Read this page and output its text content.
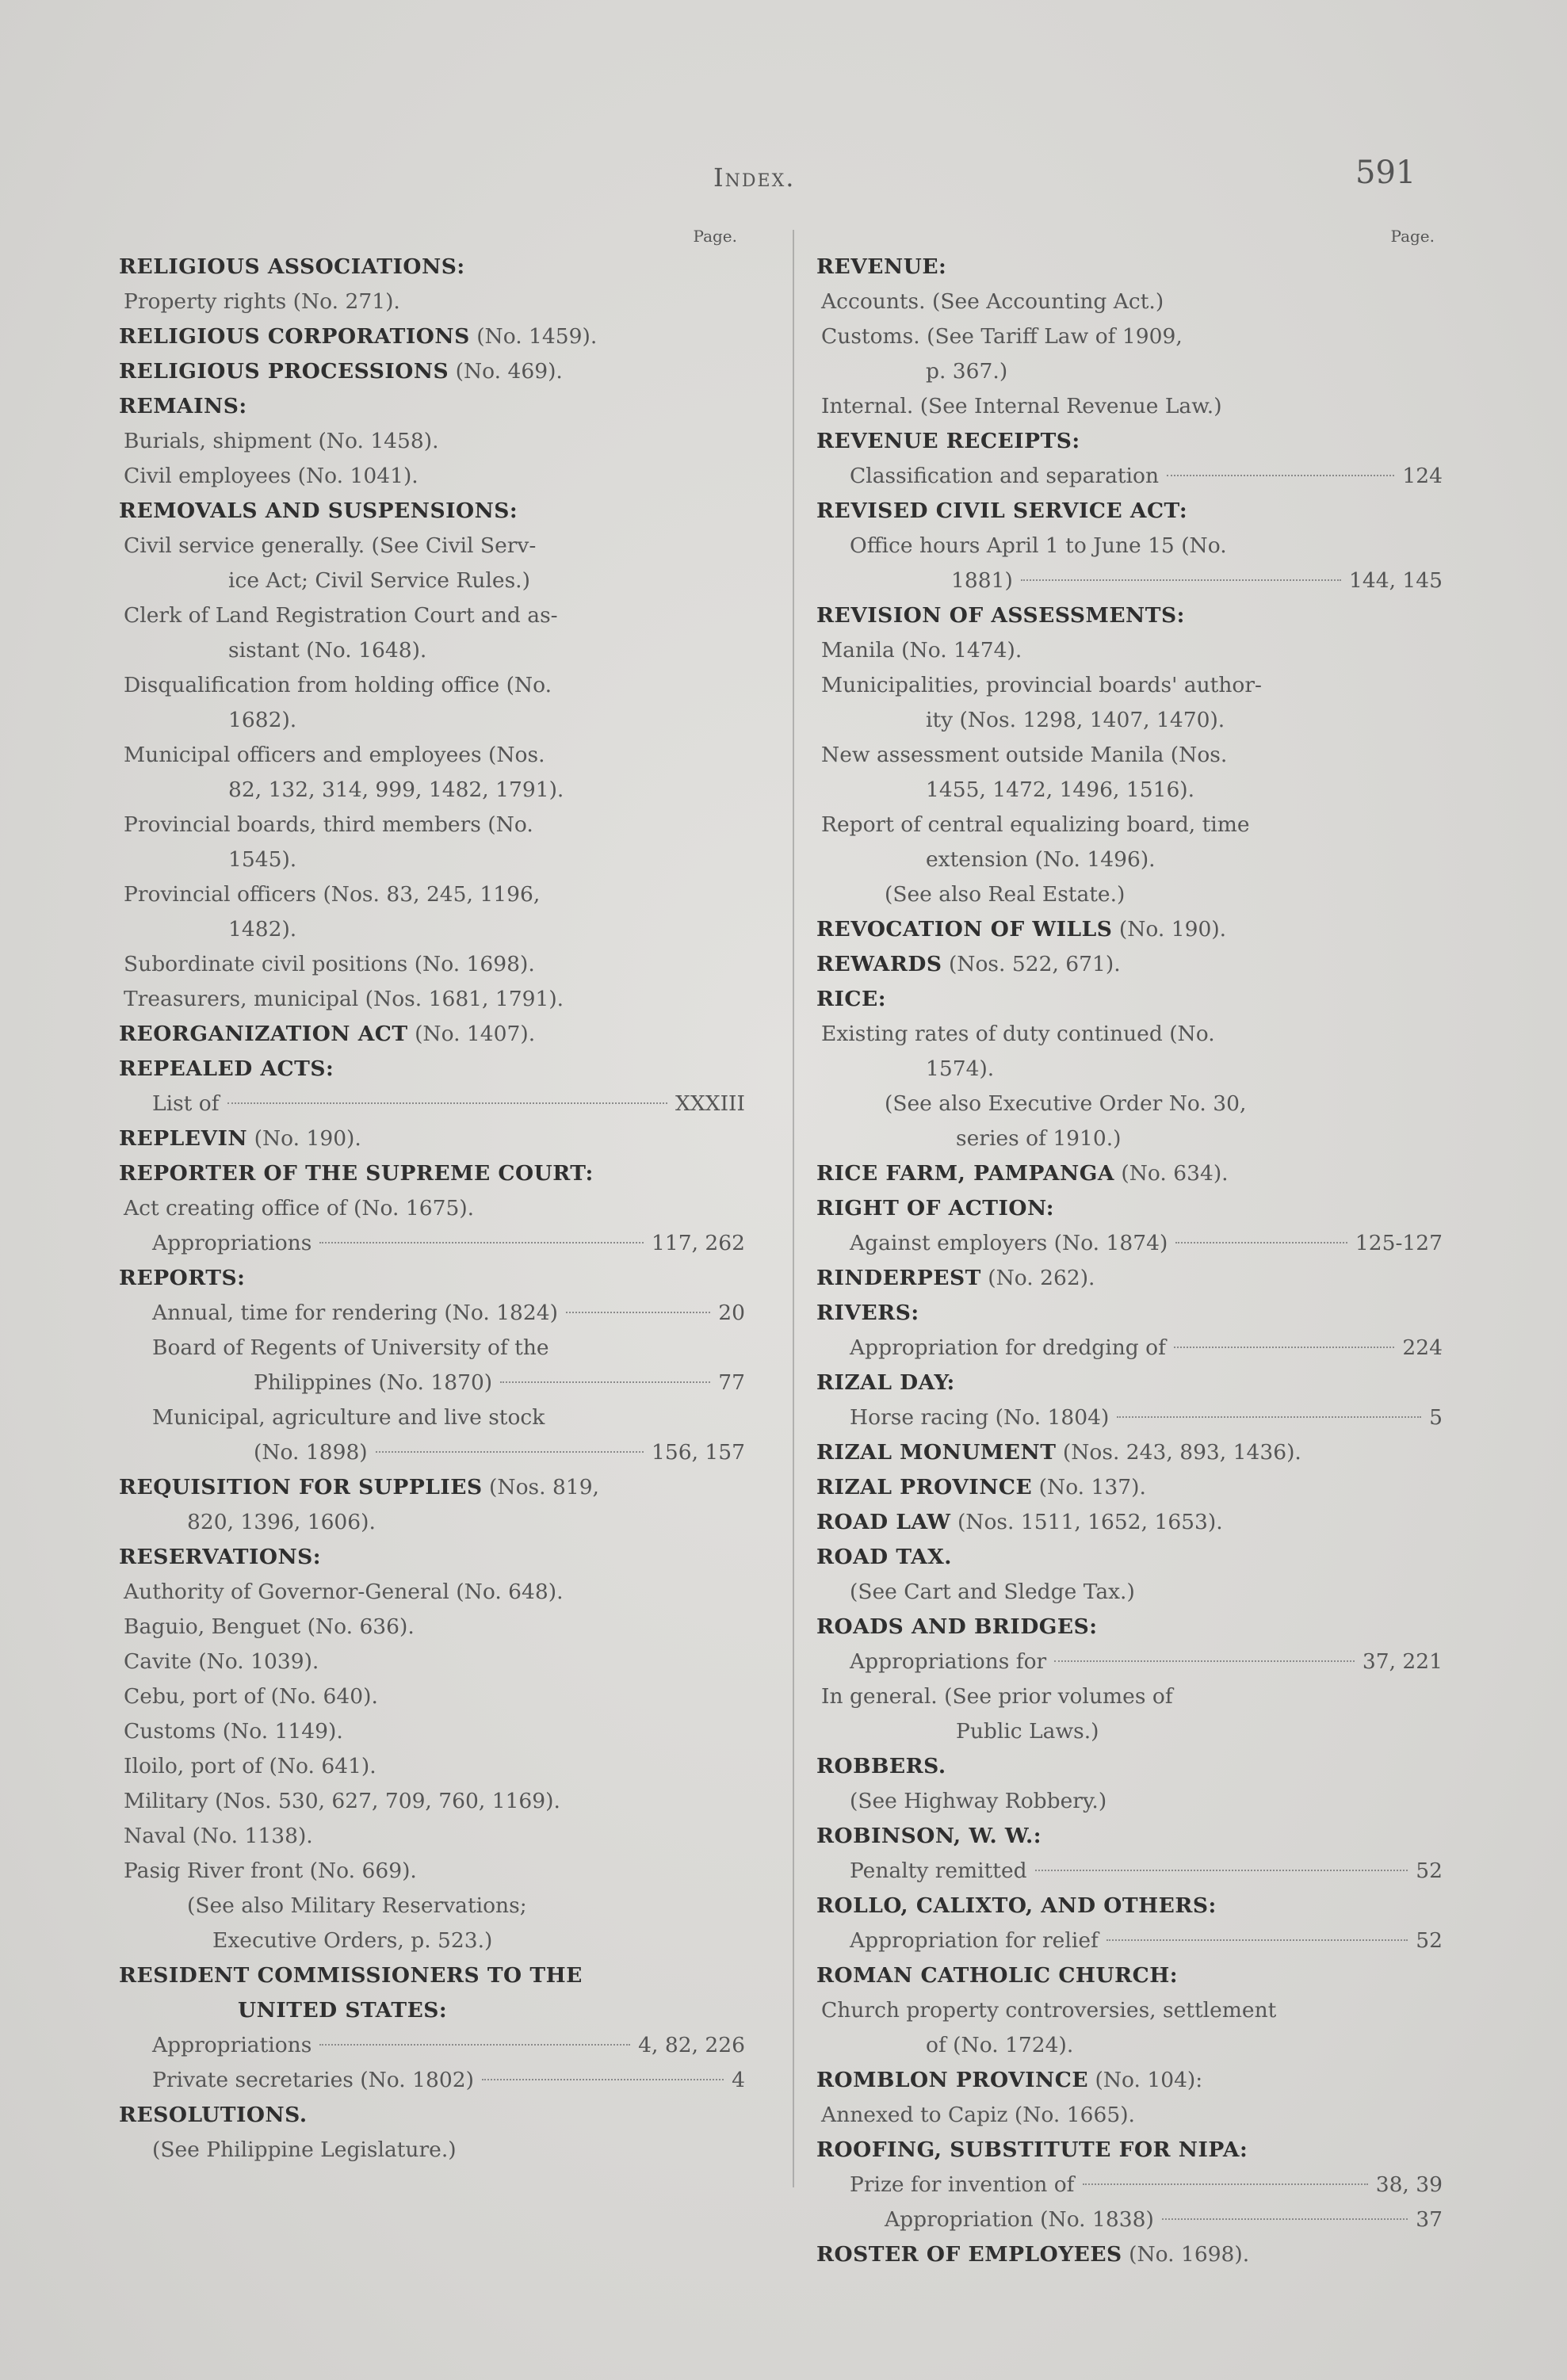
Index.	591
Page.
RELIGIOUS ASSOCIATIONS:
Property rights (No. 271).
RELIGIOUS CORPORATIONS (No. 1459).
RELIGIOUS PROCESSIONS (No. 469).
REMAINS:
Burials, shipment (No. 1458).
Civil employees (No. 1041).
REMOVALS AND SUSPENSIONS:
Civil service generally. (See Civil Serv-
ice Act; Civil Service Rules.)
Clerk of Land Registration Court and as-
sistant (No. 1648).
Disqualification from holding office (No.
1682).
Municipal officers and employees (Nos.
82, 132, 314, 999, 1482, 1791).
Provincial boards, third members (No.
1545).
Provincial officers (Nos. 83, 245, 1196,
1482).
Subordinate civil positions (No. 1698).
Treasurers, municipal (Nos. 1681, 1791).
REORGANIZATION ACT (No. 1407).
REPEALED ACTS:
List of	XXXIII
REPLEVIN (No. 190).
REPORTER OF THE SUPREME COURT:
Act creating office of (No. 1675).
Appropriations	117, 262
REPORTS:
Annual, time for rendering (No. 1824)	20
Board of Regents of University of the
Philippines (No. 1870)	77
Municipal, agriculture and live stock
(No. 1898)	156, 157
REQUISITION FOR SUPPLIES (Nos. 819,
820, 1396, 1606).
RESERVATIONS:
Authority of Governor-General (No. 648).
Baguio, Benguet (No. 636).
Cavite (No. 1039).
Cebu, port of (No. 640).
Customs (No. 1149).
Iloilo, port of (No. 641).
Military (Nos. 530, 627, 709, 760, 1169).
Naval (No. 1138).
Pasig River front (No. 669).
(See also Military Reservations;
Executive Orders, p. 523.)
RESIDENT COMMISSIONERS TO THE
UNITED STATES:
Appropriations	4, 82, 226
Private secretaries (No. 1802)	4
RESOLUTIONS.
(See Philippine Legislature.)
Page.
REVENUE:
Accounts. (See Accounting Act.)
Customs. (See Tariff Law of 1909,
p. 367.)
Internal. (See Internal Revenue Law.)
REVENUE RECEIPTS:
Classification and separation	124
REVISED CIVIL SERVICE ACT:
Office hours April 1 to June 15 (No.
1881)	144, 145
REVISION OF ASSESSMENTS:
Manila (No. 1474).
Municipalities, provincial boards' author-
ity (Nos. 1298, 1407, 1470).
New assessment outside Manila (Nos.
1455, 1472, 1496, 1516).
Report of central equalizing board, time
extension (No. 1496).
(See also Real Estate.)
REVOCATION OF WILLS (No. 190).
REWARDS (Nos. 522, 671).
RICE:
Existing rates of duty continued (No.
1574).
(See also Executive Order No. 30,
series of 1910.)
RICE FARM, PAMPANGA (No. 634).
RIGHT OF ACTION:
Against employers (No. 1874)	125-127
RINDERPEST (No. 262).
RIVERS:
Appropriation for dredging of	224
RIZAL DAY:
Horse racing (No. 1804)	5
RIZAL MONUMENT (Nos. 243, 893, 1436).
RIZAL PROVINCE (No. 137).
ROAD LAW (Nos. 1511, 1652, 1653).
ROAD TAX.
(See Cart and Sledge Tax.)
ROADS AND BRIDGES:
Appropriations for	37, 221
In general. (See prior volumes of
Public Laws.)
ROBBERS.
(See Highway Robbery.)
ROBINSON, W. W.:
Penalty remitted	52
ROLLO, CALIXTO, AND OTHERS:
Appropriation for relief	52
ROMAN CATHOLIC CHURCH:
Church property controversies, settlement
of (No. 1724).
ROMBLON PROVINCE (No. 104):
Annexed to Capiz (No. 1665).
ROOFING, SUBSTITUTE FOR NIPA:
Prize for invention of	38, 39
Appropriation (No. 1838)	37
ROSTER OF EMPLOYEES (No. 1698).
